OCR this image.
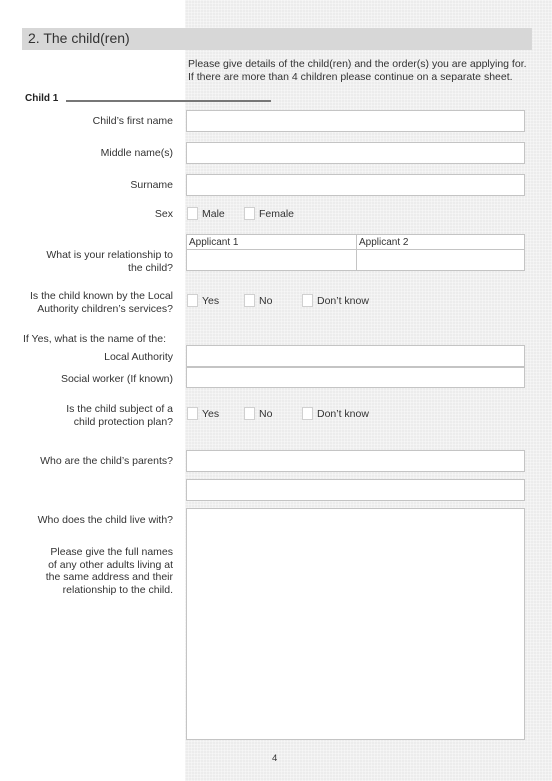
2. The child(ren)
Please give details of the child(ren) and the order(s) you are applying for.
If there are more than 4 children please continue on a separate sheet.
Child 1
Child’s first name
Middle name(s)
Surname
Sex	Male	Female
What is your relationship to
the child?
Applicant 1	Applicant 2
Is the child known by the Local
Authority children’s services?
Yes	No	Don’t know
If Yes, what is the name of the:
Local Authority
Social worker (If known)
Is the child subject of a
child protection plan?
Yes	No	Don’t know
Who are the child’s parents?
Who does the child live with?
Please give the full names
of any other adults living at
the same address and their
relationship to the child.
4
